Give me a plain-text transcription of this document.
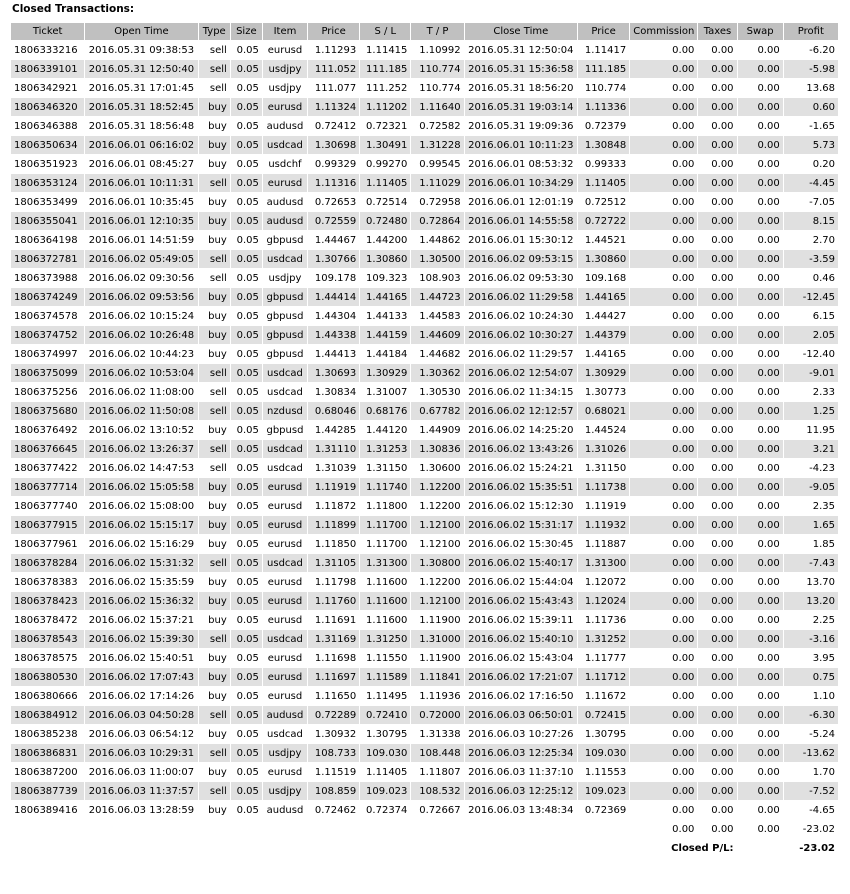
Closed Transactions:
Ticket	Open Time	Type	Size	Item	Price	S / L	T / P	Close Time	Price	Commission	Taxes	Swap	Profit
1806333216	2016.05.31 09:38:53	sell	0.05	eurusd	1.11293	1.11415	1.10992	2016.05.31 12:50:04	1.11417	0.00	0.00	0.00	-6.20
1806339101	2016.05.31 12:50:40	sell	0.05	usdjpy	111.052	111.185	110.774	2016.05.31 15:36:58	111.185	0.00	0.00	0.00	-5.98
1806342921	2016.05.31 17:01:45	sell	0.05	usdjpy	111.077	111.252	110.774	2016.05.31 18:56:20	110.774	0.00	0.00	0.00	13.68
1806346320	2016.05.31 18:52:45	buy	0.05	eurusd	1.11324	1.11202	1.11640	2016.05.31 19:03:14	1.11336	0.00	0.00	0.00	0.60
1806346388	2016.05.31 18:56:48	buy	0.05	audusd	0.72412	0.72321	0.72582	2016.05.31 19:09:36	0.72379	0.00	0.00	0.00	-1.65
1806350634	2016.06.01 06:16:02	buy	0.05	usdcad	1.30698	1.30491	1.31228	2016.06.01 10:11:23	1.30848	0.00	0.00	0.00	5.73
1806351923	2016.06.01 08:45:27	buy	0.05	usdchf	0.99329	0.99270	0.99545	2016.06.01 08:53:32	0.99333	0.00	0.00	0.00	0.20
1806353124	2016.06.01 10:11:31	sell	0.05	eurusd	1.11316	1.11405	1.11029	2016.06.01 10:34:29	1.11405	0.00	0.00	0.00	-4.45
1806353499	2016.06.01 10:35:45	buy	0.05	audusd	0.72653	0.72514	0.72958	2016.06.01 12:01:19	0.72512	0.00	0.00	0.00	-7.05
1806355041	2016.06.01 12:10:35	buy	0.05	audusd	0.72559	0.72480	0.72864	2016.06.01 14:55:58	0.72722	0.00	0.00	0.00	8.15
1806364198	2016.06.01 14:51:59	buy	0.05	gbpusd	1.44467	1.44200	1.44862	2016.06.01 15:30:12	1.44521	0.00	0.00	0.00	2.70
1806372781	2016.06.02 05:49:05	sell	0.05	usdcad	1.30766	1.30860	1.30500	2016.06.02 09:53:15	1.30860	0.00	0.00	0.00	-3.59
1806373988	2016.06.02 09:30:56	sell	0.05	usdjpy	109.178	109.323	108.903	2016.06.02 09:53:30	109.168	0.00	0.00	0.00	0.46
1806374249	2016.06.02 09:53:56	buy	0.05	gbpusd	1.44414	1.44165	1.44723	2016.06.02 11:29:58	1.44165	0.00	0.00	0.00	-12.45
1806374578	2016.06.02 10:15:24	buy	0.05	gbpusd	1.44304	1.44133	1.44583	2016.06.02 10:24:30	1.44427	0.00	0.00	0.00	6.15
1806374752	2016.06.02 10:26:48	buy	0.05	gbpusd	1.44338	1.44159	1.44609	2016.06.02 10:30:27	1.44379	0.00	0.00	0.00	2.05
1806374997	2016.06.02 10:44:23	buy	0.05	gbpusd	1.44413	1.44184	1.44682	2016.06.02 11:29:57	1.44165	0.00	0.00	0.00	-12.40
1806375099	2016.06.02 10:53:04	sell	0.05	usdcad	1.30693	1.30929	1.30362	2016.06.02 12:54:07	1.30929	0.00	0.00	0.00	-9.01
1806375256	2016.06.02 11:08:00	sell	0.05	usdcad	1.30834	1.31007	1.30530	2016.06.02 11:34:15	1.30773	0.00	0.00	0.00	2.33
1806375680	2016.06.02 11:50:08	sell	0.05	nzdusd	0.68046	0.68176	0.67782	2016.06.02 12:12:57	0.68021	0.00	0.00	0.00	1.25
1806376492	2016.06.02 13:10:52	buy	0.05	gbpusd	1.44285	1.44120	1.44909	2016.06.02 14:25:20	1.44524	0.00	0.00	0.00	11.95
1806376645	2016.06.02 13:26:37	sell	0.05	usdcad	1.31110	1.31253	1.30836	2016.06.02 13:43:26	1.31026	0.00	0.00	0.00	3.21
1806377422	2016.06.02 14:47:53	sell	0.05	usdcad	1.31039	1.31150	1.30600	2016.06.02 15:24:21	1.31150	0.00	0.00	0.00	-4.23
1806377714	2016.06.02 15:05:58	buy	0.05	eurusd	1.11919	1.11740	1.12200	2016.06.02 15:35:51	1.11738	0.00	0.00	0.00	-9.05
1806377740	2016.06.02 15:08:00	buy	0.05	eurusd	1.11872	1.11800	1.12200	2016.06.02 15:12:30	1.11919	0.00	0.00	0.00	2.35
1806377915	2016.06.02 15:15:17	buy	0.05	eurusd	1.11899	1.11700	1.12100	2016.06.02 15:31:17	1.11932	0.00	0.00	0.00	1.65
1806377961	2016.06.02 15:16:29	buy	0.05	eurusd	1.11850	1.11700	1.12100	2016.06.02 15:30:45	1.11887	0.00	0.00	0.00	1.85
1806378284	2016.06.02 15:31:32	sell	0.05	usdcad	1.31105	1.31300	1.30800	2016.06.02 15:40:17	1.31300	0.00	0.00	0.00	-7.43
1806378383	2016.06.02 15:35:59	buy	0.05	eurusd	1.11798	1.11600	1.12200	2016.06.02 15:44:04	1.12072	0.00	0.00	0.00	13.70
1806378423	2016.06.02 15:36:32	buy	0.05	eurusd	1.11760	1.11600	1.12100	2016.06.02 15:43:43	1.12024	0.00	0.00	0.00	13.20
1806378472	2016.06.02 15:37:21	buy	0.05	eurusd	1.11691	1.11600	1.11900	2016.06.02 15:39:11	1.11736	0.00	0.00	0.00	2.25
1806378543	2016.06.02 15:39:30	sell	0.05	usdcad	1.31169	1.31250	1.31000	2016.06.02 15:40:10	1.31252	0.00	0.00	0.00	-3.16
1806378575	2016.06.02 15:40:51	buy	0.05	eurusd	1.11698	1.11550	1.11900	2016.06.02 15:43:04	1.11777	0.00	0.00	0.00	3.95
1806380530	2016.06.02 17:07:43	buy	0.05	eurusd	1.11697	1.11589	1.11841	2016.06.02 17:21:07	1.11712	0.00	0.00	0.00	0.75
1806380666	2016.06.02 17:14:26	buy	0.05	eurusd	1.11650	1.11495	1.11936	2016.06.02 17:16:50	1.11672	0.00	0.00	0.00	1.10
1806384912	2016.06.03 04:50:28	sell	0.05	audusd	0.72289	0.72410	0.72000	2016.06.03 06:50:01	0.72415	0.00	0.00	0.00	-6.30
1806385238	2016.06.03 06:54:12	buy	0.05	usdcad	1.30932	1.30795	1.31338	2016.06.03 10:27:26	1.30795	0.00	0.00	0.00	-5.24
1806386831	2016.06.03 10:29:31	sell	0.05	usdjpy	108.733	109.030	108.448	2016.06.03 12:25:34	109.030	0.00	0.00	0.00	-13.62
1806387200	2016.06.03 11:00:07	buy	0.05	eurusd	1.11519	1.11405	1.11807	2016.06.03 11:37:10	1.11553	0.00	0.00	0.00	1.70
1806387739	2016.06.03 11:37:57	sell	0.05	usdjpy	108.859	109.023	108.532	2016.06.03 12:25:12	109.023	0.00	0.00	0.00	-7.52
1806389416	2016.06.03 13:28:59	buy	0.05	audusd	0.72462	0.72374	0.72667	2016.06.03 13:48:34	0.72369	0.00	0.00	0.00	-4.65
										0.00	0.00	0.00	-23.02
										Closed P/L:			-23.02
